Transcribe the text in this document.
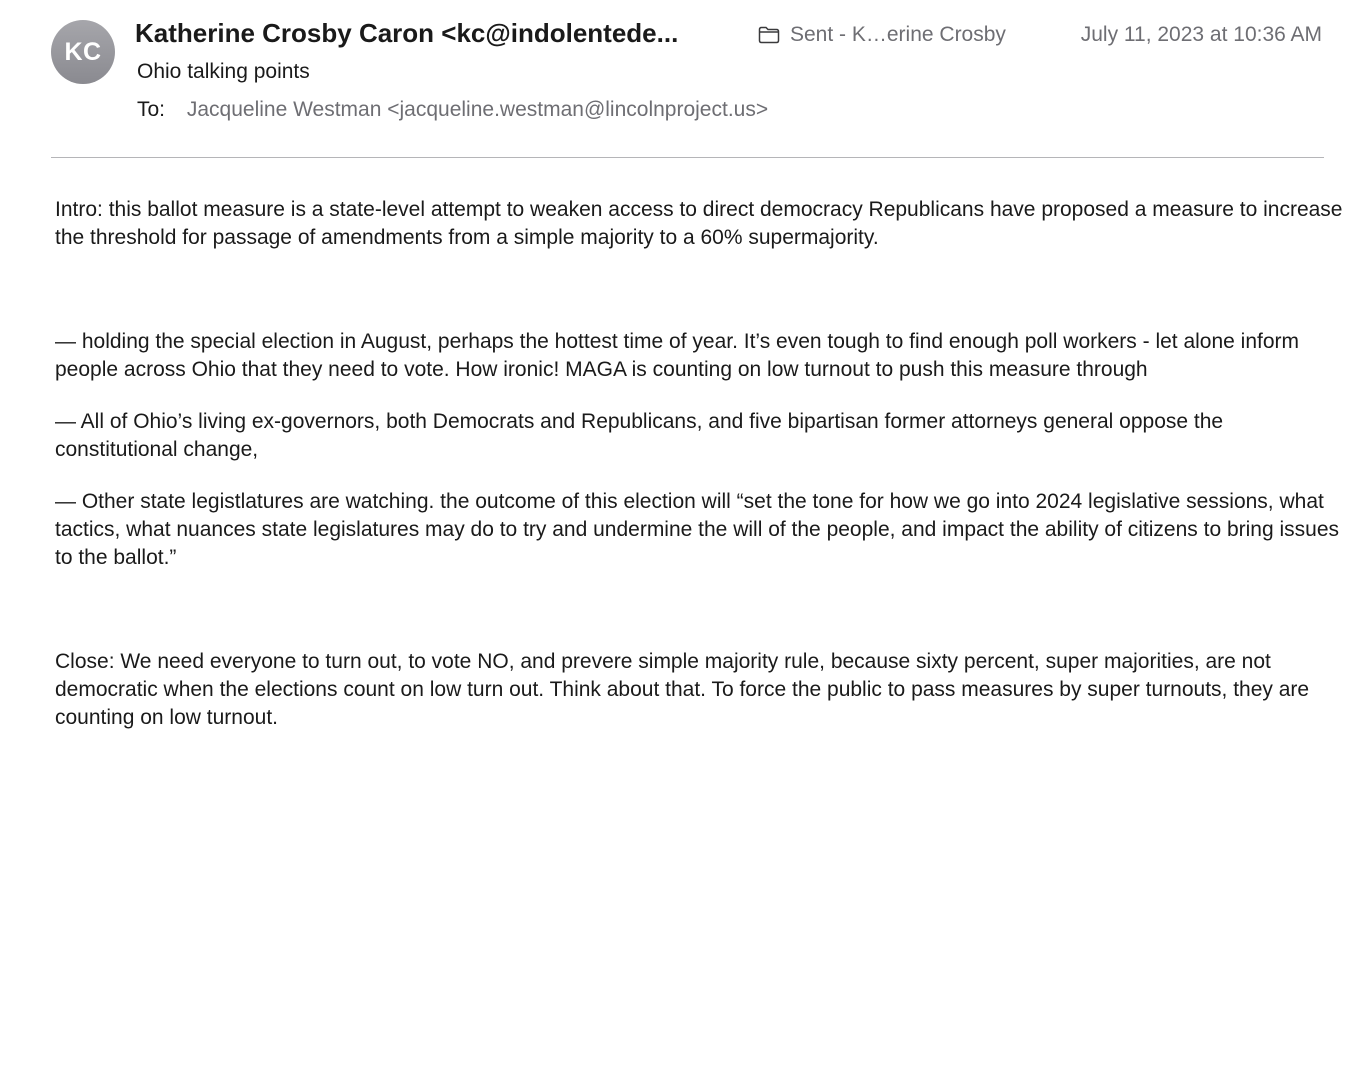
KC
Katherine Crosby Caron <kc@indolentede...	Sent - K…erine Crosby	July 11, 2023 at 10:36 AM
Ohio talking points
To: Jacqueline Westman <jacqueline.westman@lincolnproject.us>

Intro: this ballot measure is a state-level attempt to weaken access to direct democracy Republicans have proposed a measure to increase the threshold for passage of amendments from a simple majority to a 60% supermajority.

— holding the special election in August, perhaps the hottest time of year. It’s even tough to find enough poll workers - let alone inform people across Ohio that they need to vote. How ironic! MAGA is counting on low turnout to push this measure through

— All of Ohio’s living ex-governors, both Democrats and Republicans, and five bipartisan former attorneys general oppose the constitutional change,

— Other state legistlatures are watching. the outcome of this election will “set the tone for how we go into 2024 legislative sessions, what tactics, what nuances state legislatures may do to try and undermine the will of the people, and impact the ability of citizens to bring issues to the ballot.”

Close: We need everyone to turn out, to vote NO, and prevere simple majority rule, because sixty percent, super majorities, are not democratic when the elections count on low turn out. Think about that. To force the public to pass measures by super turnouts, they are counting on low turnout.
